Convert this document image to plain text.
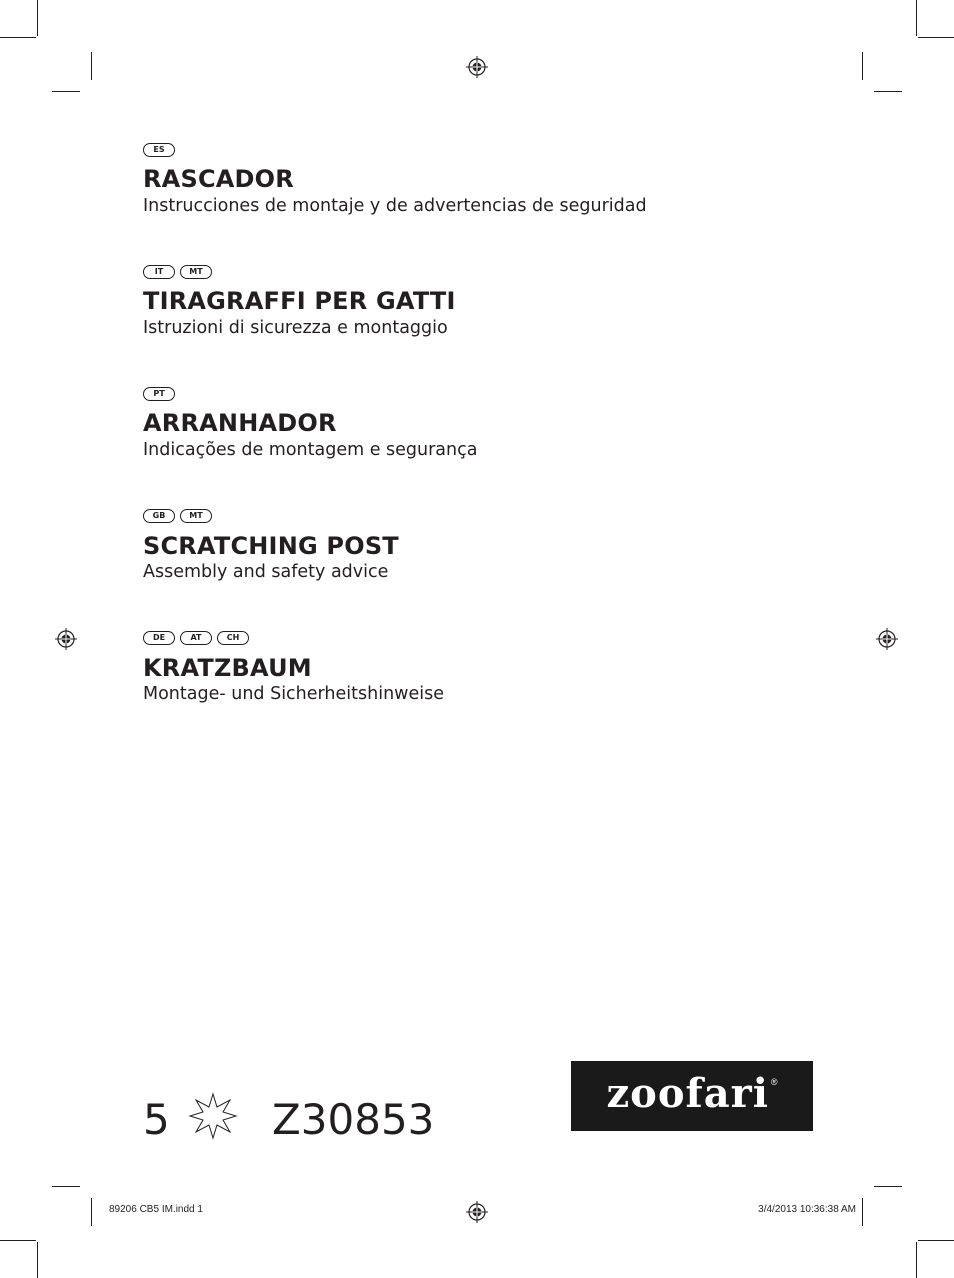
ES
RASCADOR
Instrucciones de montaje y de advertencias de seguridad
IT	MT
TIRAGRAFFI PER GATTI
Istruzioni di sicurezza e montaggio
PT
ARRANHADOR
Indicações de montagem e segurança
GB	MT
SCRATCHING POST
Assembly and safety advice
DE	AT	CH
KRATZBAUM
Montage- und Sicherheitshinweise
5 Z30853
zoofari ®
89206 CB5 IM.indd 1	3/4/2013 10:36:38 AM
